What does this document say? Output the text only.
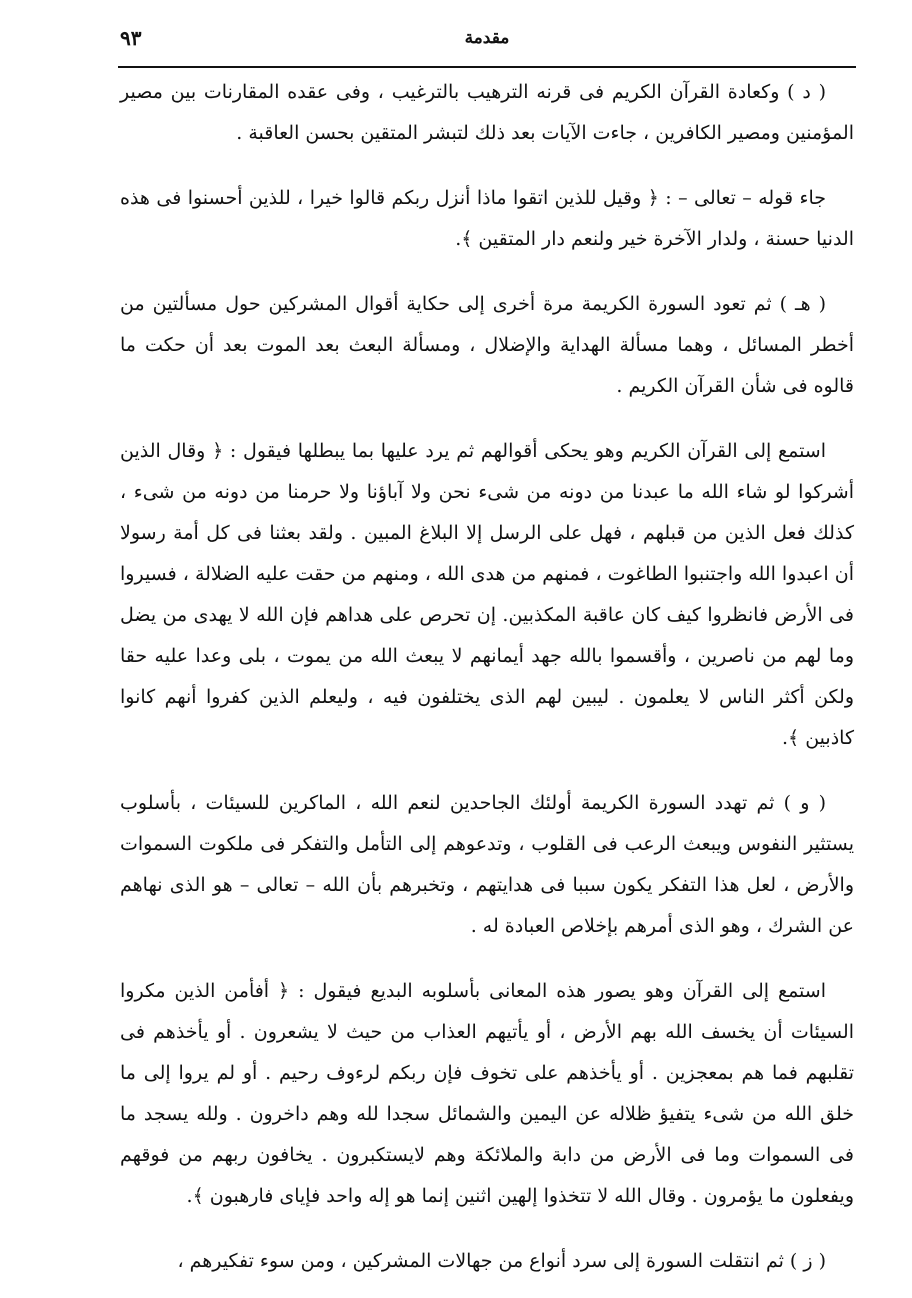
٩٣	مقدمة

( د ) وكعادة القرآن الكريم فى قرنه الترهيب بالترغيب ، وفى عقده المقارنات بين مصير المؤمنين ومصير الكافرين ، جاءت الآيات بعد ذلك لتبشر المتقين بحسن العاقبة .

جاء قوله – تعالى – : ﴿ وقيل للذين اتقوا ماذا أنزل ربكم قالوا خيرا ، للذين أحسنوا فى هذه الدنيا حسنة ، ولدار الآخرة خير ولنعم دار المتقين ﴾.

( هـ ) ثم تعود السورة الكريمة مرة أخرى إلى حكاية أقوال المشركين حول مسألتين من أخطر المسائل ، وهما مسألة الهداية والإضلال ، ومسألة البعث بعد الموت بعد أن حكت ما قالوه فى شأن القرآن الكريم .

استمع إلى القرآن الكريم وهو يحكى أقوالهم ثم يرد عليها بما يبطلها فيقول : ﴿ وقال الذين أشركوا لو شاء الله ما عبدنا من دونه من شىء نحن ولا آباؤنا ولا حرمنا من دونه من شىء ، كذلك فعل الذين من قبلهم ، فهل على الرسل إلا البلاغ المبين . ولقد بعثنا فى كل أمة رسولا أن اعبدوا الله واجتنبوا الطاغوت ، فمنهم من هدى الله ، ومنهم من حقت عليه الضلالة ، فسيروا فى الأرض فانظروا كيف كان عاقبة المكذبين. إن تحرص على هداهم فإن الله لا يهدى من يضل وما لهم من ناصرين ، وأقسموا بالله جهد أيمانهم لا يبعث الله من يموت ، بلى وعدا عليه حقا ولكن أكثر الناس لا يعلمون . ليبين لهم الذى يختلفون فيه ، وليعلم الذين كفروا أنهم كانوا كاذبين ﴾.

( و ) ثم تهدد السورة الكريمة أولئك الجاحدين لنعم الله ، الماكرين للسيئات ، بأسلوب يستثير النفوس ويبعث الرعب فى القلوب ، وتدعوهم إلى التأمل والتفكر فى ملكوت السموات والأرض ، لعل هذا التفكر يكون سببا فى هدايتهم ، وتخبرهم بأن الله – تعالى – هو الذى نهاهم عن الشرك ، وهو الذى أمرهم بإخلاص العبادة له .

استمع إلى القرآن وهو يصور هذه المعانى بأسلوبه البديع فيقول : ﴿ أفأمن الذين مكروا السيئات أن يخسف الله بهم الأرض ، أو يأتيهم العذاب من حيث لا يشعرون . أو يأخذهم فى تقلبهم فما هم بمعجزين . أو يأخذهم على تخوف فإن ربكم لرءوف رحيم . أو لم يروا إلى ما خلق الله من شىء يتفيؤ ظلاله عن اليمين والشمائل سجدا لله وهم داخرون . ولله يسجد ما فى السموات وما فى الأرض من دابة والملائكة وهم لايستكبرون . يخافون ربهم من فوقهم ويفعلون ما يؤمرون . وقال الله لا تتخذوا إلهين اثنين إنما هو إله واحد فإياى فارهبون ﴾.

( ز ) ثم انتقلت السورة إلى سرد أنواع من جهالات المشركين ، ومن سوء تفكيرهم ،
